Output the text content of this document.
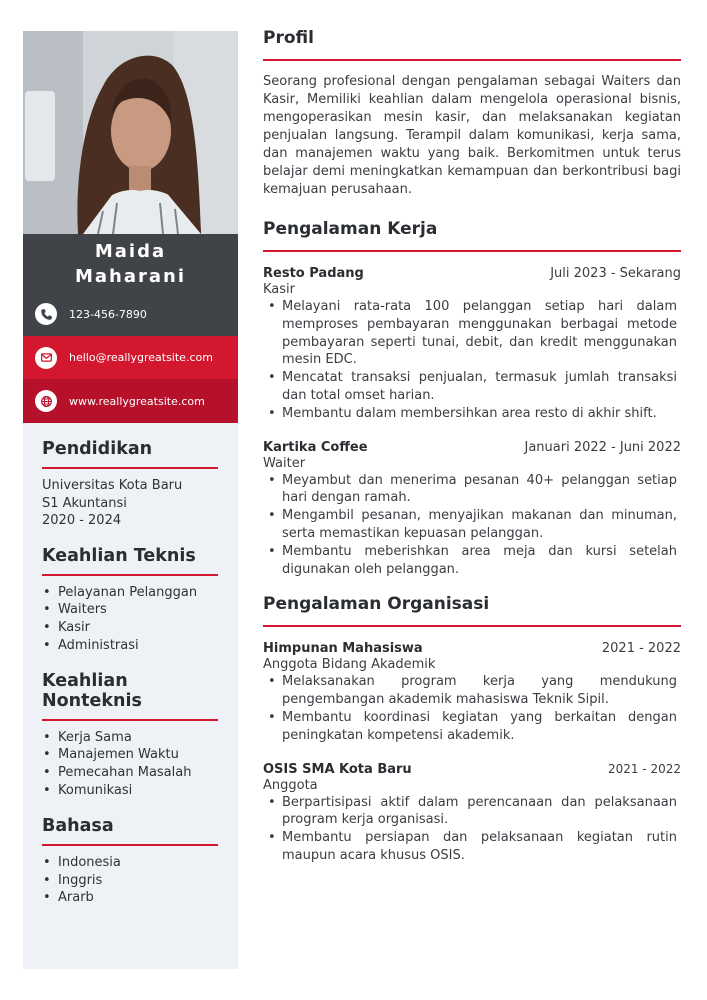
Maida
Maharani
123-456-7890
hello@reallygreatsite.com
www.reallygreatsite.com
Pendidikan
Universitas Kota Baru
S1 Akuntansi
2020 - 2024
Keahlian Teknis
• Pelayanan Pelanggan
• Waiters
• Kasir
• Administrasi
Keahlian Nonteknis
• Kerja Sama
• Manajemen Waktu
• Pemecahan Masalah
• Komunikasi
Bahasa
• Indonesia
• Inggris
• Ararb
Profil

Seorang profesional dengan pengalaman sebagai Waiters dan Kasir, Memiliki keahlian dalam mengelola operasional bisnis, mengoperasikan mesin kasir, dan melaksanakan kegiatan penjualan langsung. Terampil dalam komunikasi, kerja sama, dan manajemen waktu yang baik. Berkomitmen untuk terus belajar demi meningkatkan kemampuan dan berkontribusi bagi kemajuan perusahaan.

Pengalaman Kerja
Resto Padang	Juli 2023 - Sekarang
Kasir
• Melayani rata-rata 100 pelanggan setiap hari dalam memproses pembayaran menggunakan berbagai metode pembayaran seperti tunai, debit, dan kredit menggunakan mesin EDC.
• Mencatat transaksi penjualan, termasuk jumlah transaksi dan total omset harian.
• Membantu dalam membersihkan area resto di akhir shift.
Kartika Coffee	Januari 2022 - Juni 2022
Waiter
• Meyambut dan menerima pesanan 40+ pelanggan setiap hari dengan ramah.
• Mengambil pesanan, menyajikan makanan dan minuman, serta memastikan kepuasan pelanggan.
• Membantu meberishkan area meja dan kursi setelah digunakan oleh pelanggan.
Pengalaman Organisasi
Himpunan Mahasiswa	2021 - 2022
Anggota Bidang Akademik
• Melaksanakan program kerja yang mendukung pengembangan akademik mahasiswa Teknik Sipil.
• Membantu koordinasi kegiatan yang berkaitan dengan peningkatan kompetensi akademik.
OSIS SMA Kota Baru	2021 - 2022
Anggota
• Berpartisipasi aktif dalam perencanaan dan pelaksanaan program kerja organisasi.
• Membantu persiapan dan pelaksanaan kegiatan rutin maupun acara khusus OSIS.
